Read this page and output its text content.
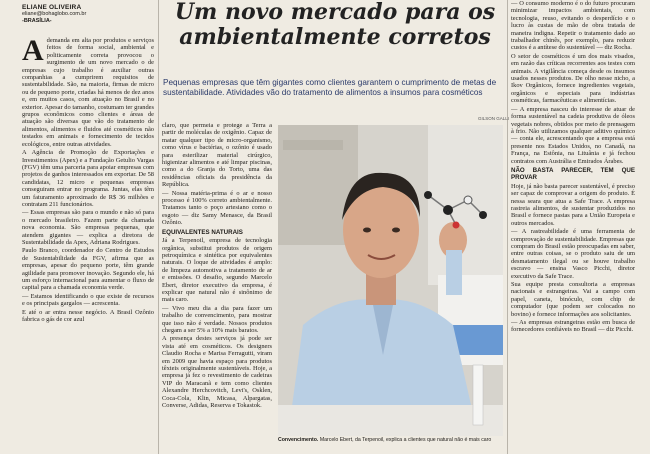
ELIANE OLIVEIRA
eliane@bohaglobo.com.br
-BRASÍLIA-	Um novo mercado para os
ambientalmente corretos
Pequenas empresas que têm gigantes como clientes garantem o cumprimento de metas de sustentabilidade. Atividades vão do tratamento de alimentos a insumos para cosméticos

Ademanda em alta por produtos e serviços feitos de forma social, ambiental e politicamente correta provocou o surgimento de um novo mercado o de empresas cujo trabalho é auxiliar outras companhias a cumprirem requisitos de sustentabilidade. São, na maioria, firmas de micro ou de pequeno porte, criadas há menos de dez anos e, em muitos casos, com atuação no Brasil e no exterior. Apesar do tamanho, costumam ter grandes grupos econômicos como clientes e áreas de atuação são diversas que vão do tratamento de alimentos, alimentos e fluidos até cosméticos não testados em animais e fornecimento de tecidos ecológicos, entre outras atividades.

A Agência de Promoção de Exportações e Investimentos (Apex) e a Fundação Getulio Vargas (FGV) têm uma parceria para apoiar empresas com projetos de ganhos interessados em exportar. De 58 candidatas, 12 micro e pequenas empresas conseguiram entrar no programa. Juntas, elas têm um faturamento aproximado de R$ 36 milhões e contratam 211 funcionários.

— Essas empresas são para o mundo e não só para o mercado brasileiro. Fazem parte da chamada nova economia. São empresas pequenas, que atendem gigantes — explica a diretora de Sustentabilidade da Apex, Adriana Rodrigues.

Paulo Branco, coordenador do Centro de Estudos de Sustentabilidade da FGV, afirma que as empresas, apesar do pequeno porte, têm grande agilidade para promover inovação. Segundo ele, há um esforço internacional para aumentar o fluxo de capital para a chamada economia verde.

— Estamos identificando o que existe de recursos e os principais gargalos — acrescenta.

E até o ar entra nesse negócio. A Brasil Ozônio fabrica o gás de cor azul

claro, que permeia e protege a Terra a partir de moléculas de oxigênio. Capaz de matar qualquer tipo de micro-organismo, como vírus e bactérias, o ozônio é usado para esterilizar material cirúrgico, higienizar alimentos e até limpar piscinas, como a do Granja do Torto, uma das residências oficiais da presidência da República.

— Nossa matéria-prima é o ar e nosso processo é 100% correto ambientalmente. Tratamos tanto o poço artesiano como o esgoto — diz Samy Menasce, da Brasil Ozônio.

EQUIVALENTES NATURAIS

Já a Terpenoil, empresa de tecnologia orgânica, substitui produtos de origem petroquímica e sintética por equivalentes naturais. O loque de atividades é amplo: de limpeza automotiva a tratamento de ar e emissões. O desafio, segundo Marcelo Ebert, diretor executivo da empresa, é explicar que natural não é sinônimo de mais caro.

— Vivo meu dia a dia para fazer um trabalho de convencimento, para mostrar que isso não é verdade. Nossos produtos chegam a ser 5% a 10% mais baratos.

A presença destes serviços já pode ser vista até em cosméticos. Os designers Claudio Rocha e Marisa Ferragutti, viram em 2009 que havia espaço para produtos têxteis originalmente sustentáveis. Hoje, a empresa já fez o revestimento de cadeiras VIP do Maracanã e tem como clientes Alexandre Herchcovitch, Levi's, Osklen, Coca-Cola, Klin, Micasa, Alpargatas, Converse, Adidas, Reserva e Tokastok.

GILSON GALLI
Convencimento. Marcelo Ebert, da Terpenoil, explica a clientes que natural não é mais caro

— O consumo moderno é o do futuro procuram minimizar impactos ambientais, com tecnologia, reuso, evitando o desperdício e o lucro às custas de mão de obra tratada de maneira indigna. Repetir o tratamento dado ao trabalhador chinês, por exemplo, para reduzir custos é a antítese do sustentável — diz Rocha.

O setor de cosméticos é um dos mais visados, em razão das críticas recorrentes aos testes com animais. A vigilância começa desde os insumos usados nesses produtos. De olho nesse nicho, a Ikov Orgânicos, fornece ingredientes vegetais, orgânicos e especiais para indústrias cosméticas, farmacêuticas e alimentícias.

— A empresa nasceu do interesse de atuar de forma sustentável na cadeia produtiva de óleos vegetais nobres, obtidos por meio de prensagem à frio. Não utilizamos qualquer aditivo químico — conta ele, acrescentando que a empresa está presente nos Estados Unidos, no Canadá, na França, na Estônia, na Lituânia e já fechou contratos com Austrália e Emirados Árabes.

NÃO BASTA PARECER, TEM QUE PROVAR

Hoje, já não basta parecer sustentável, é preciso ser capaz de comprovar a origem do produto. É nessa seara que atua a Safe Trace. A empresa rastreia alimentos, de sustentar produzidos no Brasil e fornece pastas para a União Europeia e outros mercados.

— A rastreabilidade é uma ferramenta de comprovação de sustentabilidade. Empresas que compram do Brasil estão preocupadas em saber, entre outras coisas, se o produto saiu de um desmatamento ilegal ou se houve trabalho escravo — ensina Vasco Picchi, diretor executivo da Safe Trace.

Sua equipe presta consultoria a empresas nacionais e estrangeiras. Vai a campo com papel, caneta, binóculo, com chip de computador (que podem ser colocados no bovino) e fornece informações aos solicitantes.

— As empresas estrangeiras estão em busca de fornecedores confiáveis no Brasil — diz Picchi.
